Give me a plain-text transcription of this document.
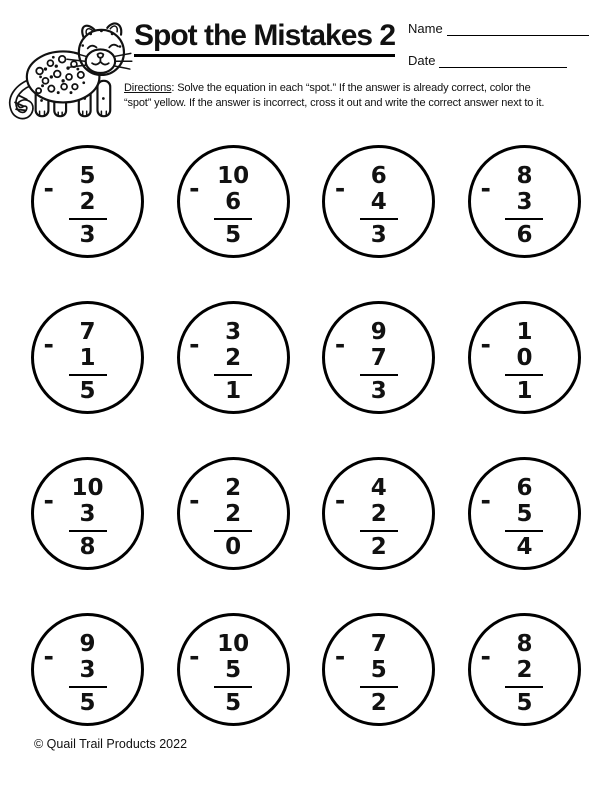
Spot the Mistakes 2 Name
Date
Directions: Solve the equation in each “spot.” If the answer is already correct, color the
“spot” yellow. If the answer is incorrect, cross it out and write the correct answer next to it.
-	5
2
3
- 10
6
5
-	6
4
3
-	8
3
6
-	7
1
5
-	3
2
1
-	9
7
3
-	1
0
1
- 10
3
8
-	2
2
0
-	4
2
2
-	6
5
4
-	9
3
5
- 10
5
5
-	7
5
2
-	8
2
5
© Quail Trail Products 2022
